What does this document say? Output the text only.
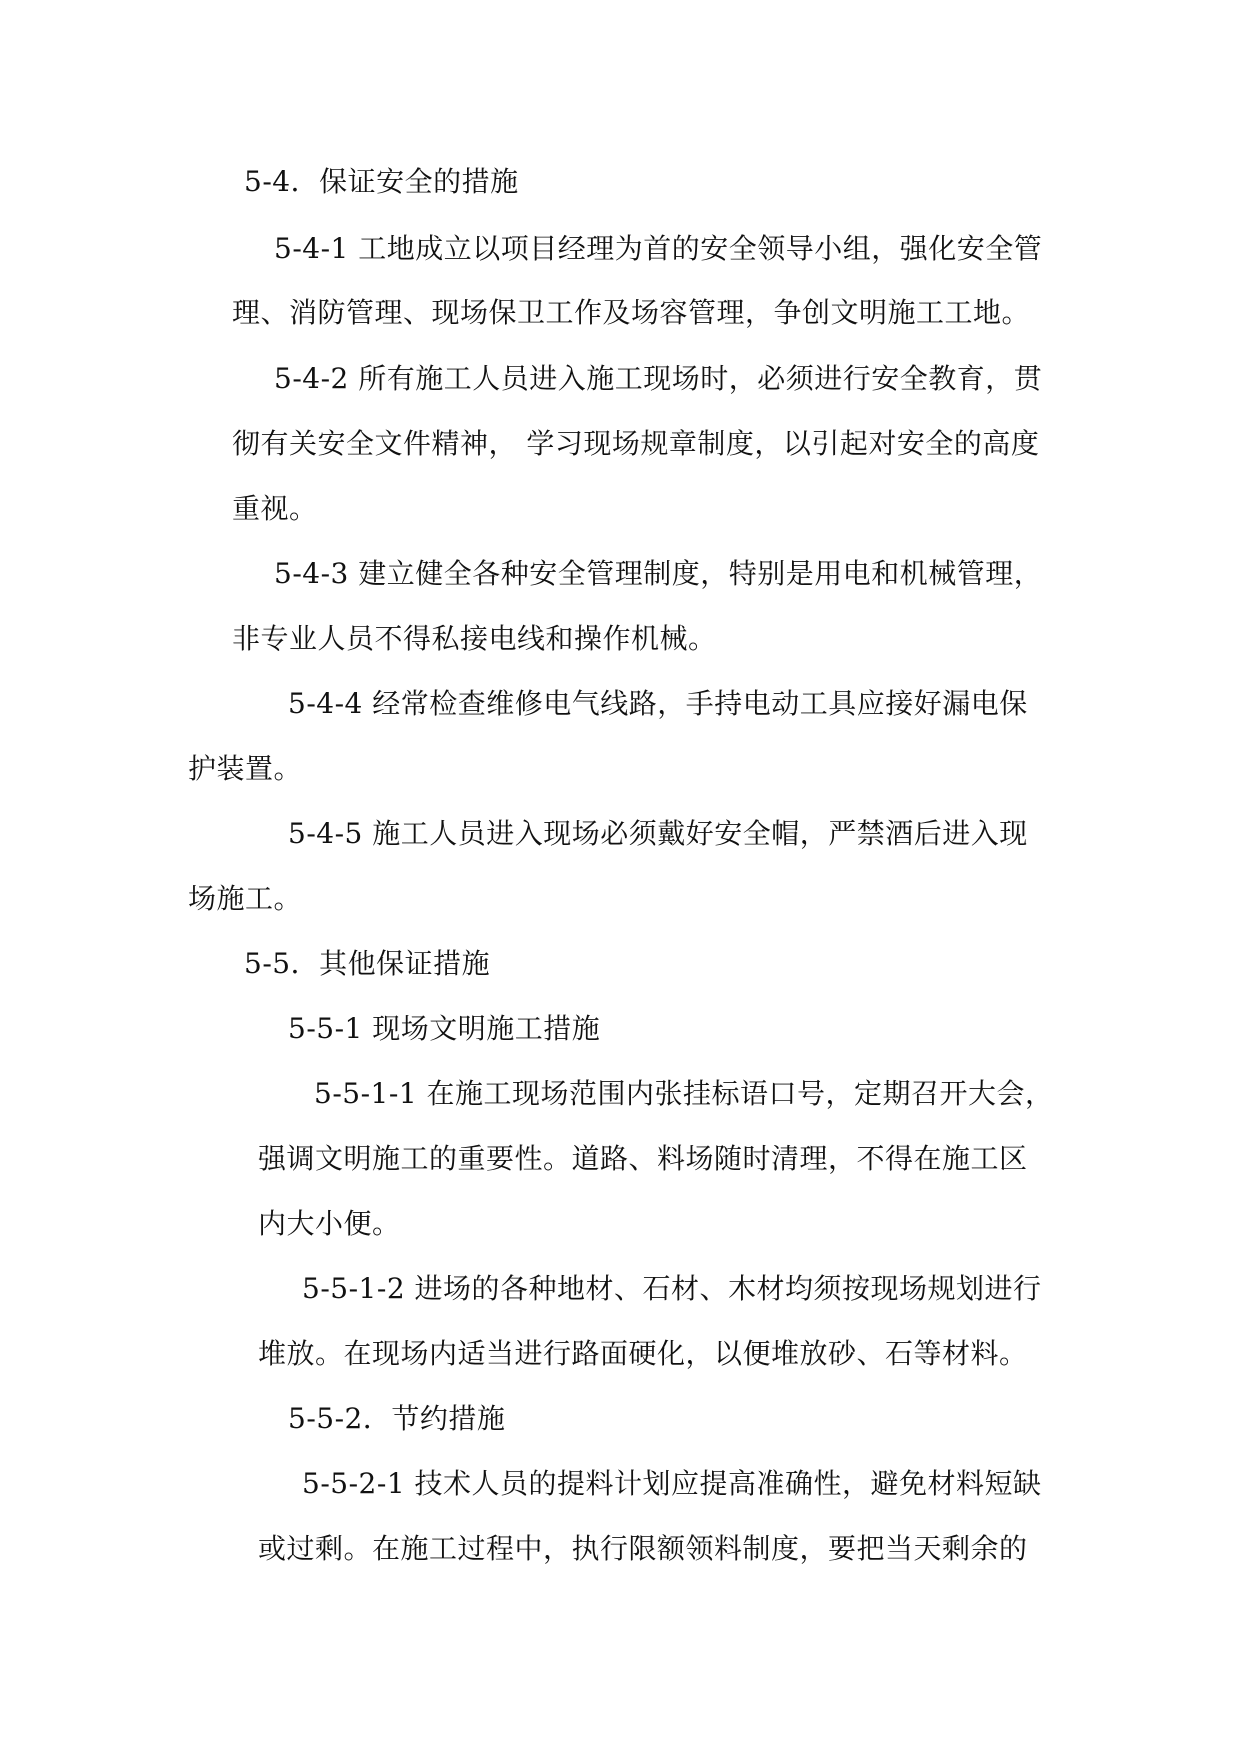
5-4．保证安全的措施
5-4-1 工地成立以项目经理为首的安全领导小组，强化安全管
理、消防管理、现场保卫工作及场容管理，争创文明施工工地。
5-4-2 所有施工人员进入施工现场时，必须进行安全教育，贯
彻有关安全文件精神， 学习现场规章制度，以引起对安全的高度
重视。
5-4-3 建立健全各种安全管理制度，特别是用电和机械管理，
非专业人员不得私接电线和操作机械。
5-4-4 经常检查维修电气线路，手持电动工具应接好漏电保
护装置。
5-4-5 施工人员进入现场必须戴好安全帽，严禁酒后进入现
场施工。
5-5．其他保证措施
5-5-1 现场文明施工措施
5-5-1-1 在施工现场范围内张挂标语口号，定期召开大会，
强调文明施工的重要性。道路、料场随时清理，不得在施工区
内大小便。
5-5-1-2 进场的各种地材、石材、木材均须按现场规划进行
堆放。在现场内适当进行路面硬化，以便堆放砂、石等材料。
5-5-2．节约措施
5-5-2-1 技术人员的提料计划应提高准确性，避免材料短缺
或过剩。在施工过程中，执行限额领料制度，要把当天剩余的
